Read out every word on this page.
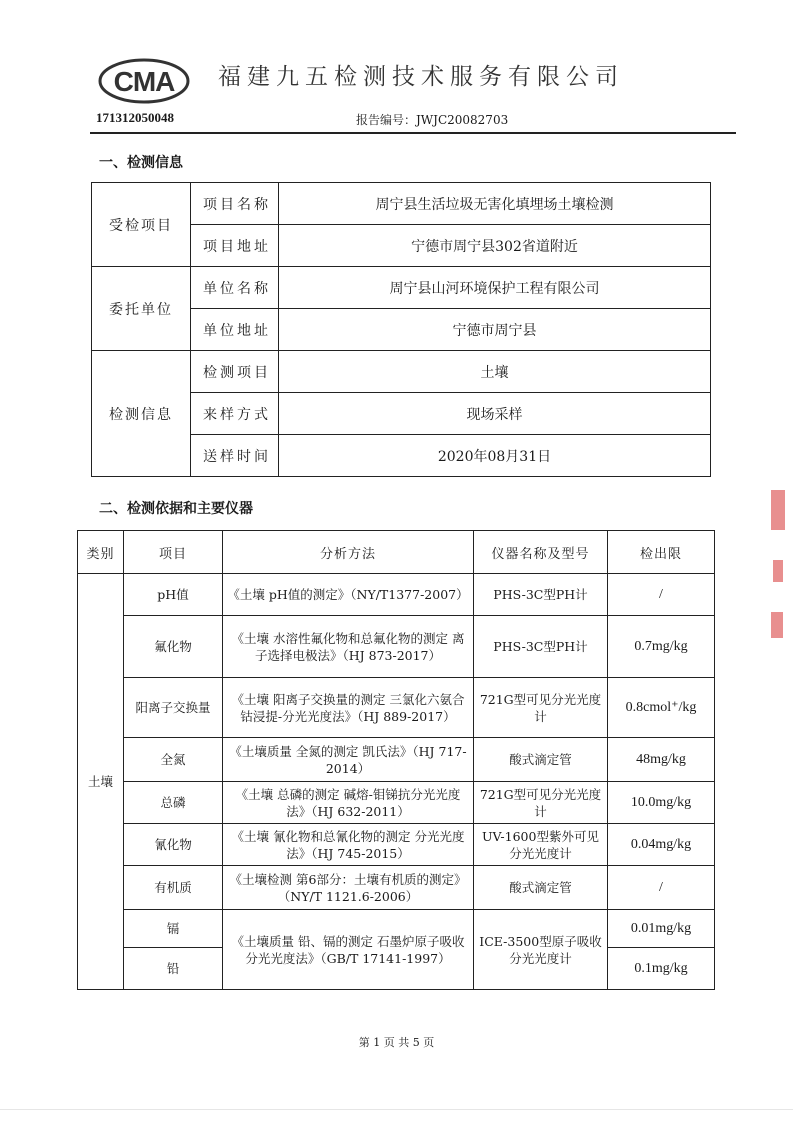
CMA 福建九五检测技术服务有限公司
171312050048	报告编号：JWJC20082703
一、检测信息
受检项目	项目名称	周宁县生活垃圾无害化填埋场土壤检测
	项目地址	宁德市周宁县302省道附近
委托单位	单位名称	周宁县山河环境保护工程有限公司
	单位地址	宁德市周宁县
检测信息	检测项目	土壤
	来样方式	现场采样
	送样时间	2020年08月31日
二、检测依据和主要仪器
类别	项目	分析方法	仪器名称及型号	检出限
土壤	pH值	《土壤 pH值的测定》（NY/T1377-2007）	PHS-3C型PH计	/
	氟化物	《土壤 水溶性氟化物和总氟化物的测定 离子选择电极法》（HJ 873-2017）	PHS-3C型PH计	0.7mg/kg
	阳离子交换量	《土壤 阳离子交换量的测定 三氯化六氨合钴浸提-分光光度法》（HJ 889-2017）	721G型可见分光光度计	0.8cmol⁺/kg
	全氮	《土壤质量 全氮的测定 凯氏法》（HJ 717-2014）	酸式滴定管	48mg/kg
	总磷	《土壤 总磷的测定 碱熔-钼锑抗分光光度法》（HJ 632-2011）	721G型可见分光光度计	10.0mg/kg
	氰化物	《土壤 氰化物和总氰化物的测定 分光光度法》（HJ 745-2015）	UV-1600型紫外可见分光光度计	0.04mg/kg
	有机质	《土壤检测 第6部分：土壤有机质的测定》（NY/T 1121.6-2006）	酸式滴定管	/
	镉	《土壤质量 铅、镉的测定 石墨炉原子吸收分光光度法》（GB/T 17141-1997）	ICE-3500型原子吸收分光光度计	0.01mg/kg
	铅			0.1mg/kg
第 1 页 共 5 页
